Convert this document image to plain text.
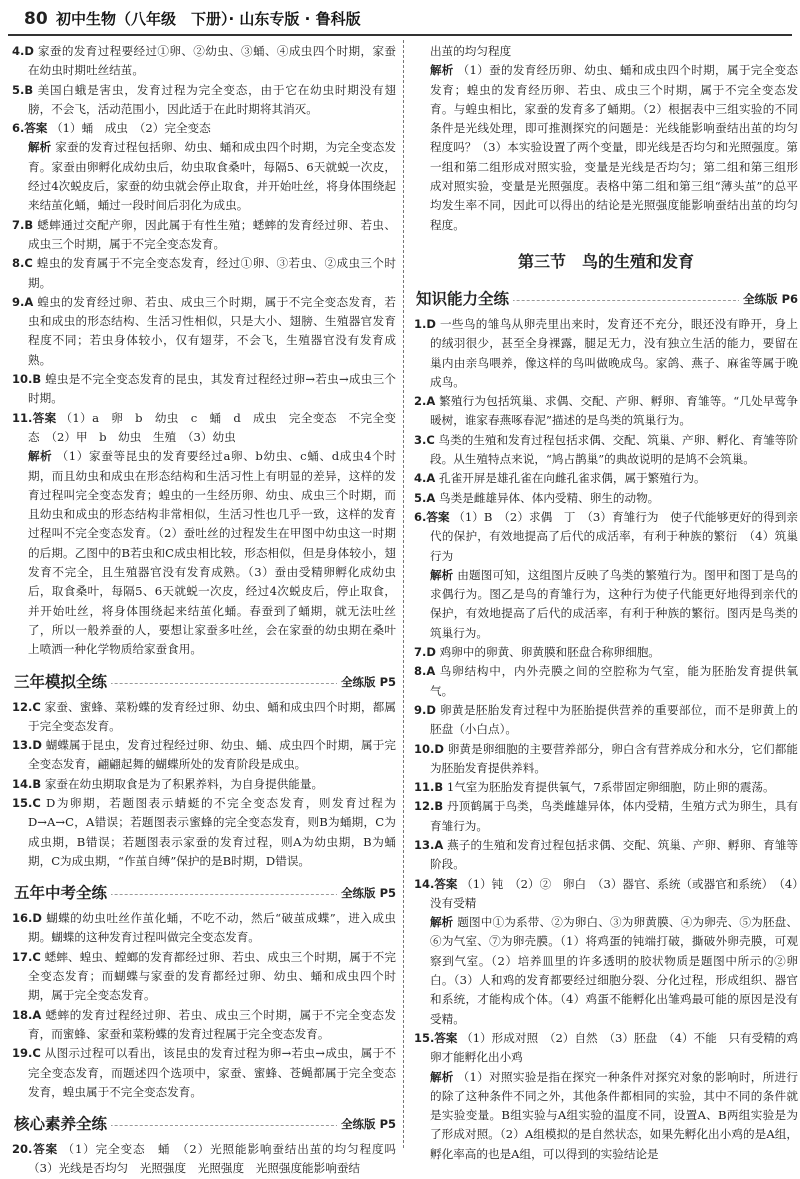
80 初中生物（八年级　下册）· 山东专版 · 鲁科版
4.D 家蚕的发育过程要经过①卵、②幼虫、③蛹、④成虫四个时期，家蚕在幼虫时期吐丝结茧。
5.B 美国白蛾是害虫，发育过程为完全变态，由于它在幼虫时期没有翅膀，不会飞，活动范围小，因此适于在此时期将其消灭。
6.答案 （1）蛹　成虫　（2）完全变态
解析 家蚕的发育过程包括卵、幼虫、蛹和成虫四个时期，为完全变态发育。家蚕由卵孵化成幼虫后，幼虫取食桑叶，每隔5、6天就蜕一次皮，经过4次蜕皮后，家蚕的幼虫就会停止取食，并开始吐丝，将身体围绕起来结茧化蛹，蛹过一段时间后羽化为成虫。
7.B 蟋蟀通过交配产卵，因此属于有性生殖；蟋蟀的发育经过卵、若虫、成虫三个时期，属于不完全变态发育。
8.C 蝗虫的发育属于不完全变态发育，经过①卵、③若虫、②成虫三个时期。
9.A 蝗虫的发育经过卵、若虫、成虫三个时期，属于不完全变态发育，若虫和成虫的形态结构、生活习性相似，只是大小、翅膀、生殖器官发育程度不同；若虫身体较小，仅有翅芽，不会飞，生殖器官没有发育成熟。
10.B 蝗虫是不完全变态发育的昆虫，其发育过程经过卵→若虫→成虫三个时期。
11.答案 （1）a　卵　b　幼虫　c　蛹　d　成虫　完全变态　不完全变态　（2）甲　b　幼虫　生殖　（3）幼虫
解析 （1）家蚕等昆虫的发育要经过a卵、b幼虫、c蛹、d成虫4个时期，而且幼虫和成虫在形态结构和生活习性上有明显的差异，这样的发育过程叫完全变态发育；蝗虫的一生经历卵、幼虫、成虫三个时期，而且幼虫和成虫的形态结构非常相似，生活习性也几乎一致，这样的发育过程叫不完全变态发育。（2）蚕吐丝的过程发生在甲图中幼虫这一时期的后期。乙图中的B若虫和C成虫相比较，形态相似，但是身体较小，翅发育不完全，且生殖器官没有发育成熟。（3）蚕由受精卵孵化成幼虫后，取食桑叶，每隔5、6天就蜕一次皮，经过4次蜕皮后，停止取食，并开始吐丝，将身体围绕起来结茧化蛹。春蚕到了蛹期，就无法吐丝了，所以一般养蚕的人，要想让家蚕多吐丝，会在家蚕的幼虫期在桑叶上喷洒一种化学物质给家蚕食用。
三年模拟全练	全练版 P5
12.C 家蚕、蜜蜂、菜粉蝶的发育经过卵、幼虫、蛹和成虫四个时期，都属于完全变态发育。
13.D 蝴蝶属于昆虫，发育过程经过卵、幼虫、蛹、成虫四个时期，属于完全变态发育，翩翩起舞的蝴蝶所处的发育阶段是成虫。
14.B 家蚕在幼虫期取食是为了积累养料，为自身提供能量。
15.C D为卵期，若题图表示蜻蜓的不完全变态发育，则发育过程为D→A→C，A错误；若题图表示蜜蜂的完全变态发育，则B为蛹期，C为成虫期，B错误；若题图表示家蚕的发育过程，则A为幼虫期，B为蛹期，C为成虫期，“作茧自缚”保护的是B时期，D错误。
五年中考全练	全练版 P5
16.D 蝴蝶的幼虫吐丝作茧化蛹，不吃不动，然后“破茧成蝶”，进入成虫期。蝴蝶的这种发育过程叫做完全变态发育。
17.C 蟋蟀、蝗虫、螳螂的发育都经过卵、若虫、成虫三个时期，属于不完全变态发育；而蝴蝶与家蚕的发育都经过卵、幼虫、蛹和成虫四个时期，属于完全变态发育。
18.A 蟋蟀的发育过程经过卵、若虫、成虫三个时期，属于不完全变态发育，而蜜蜂、家蚕和菜粉蝶的发育过程属于完全变态发育。
19.C 从图示过程可以看出，该昆虫的发育过程为卵→若虫→成虫，属于不完全变态发育，而题述四个选项中，家蚕、蜜蜂、苍蝇都属于完全变态发育，蝗虫属于不完全变态发育。
核心素养全练	全练版 P5
20.答案 （1）完全变态　蛹　（2）光照能影响蚕结出茧的均匀程度吗　（3）光线是否均匀　光照强度　光照强度　光照强度能影响蚕结
出茧的均匀程度
解析 （1）蚕的发育经历卵、幼虫、蛹和成虫四个时期，属于完全变态发育；蝗虫的发育经历卵、若虫、成虫三个时期，属于不完全变态发育。与蝗虫相比，家蚕的发育多了蛹期。（2）根据表中三组实验的不同条件是光线处理，即可推测探究的问题是：光线能影响蚕结出茧的均匀程度吗？（3）本实验设置了两个变量，即光线是否均匀和光照强度。第一组和第二组形成对照实验，变量是光线是否均匀；第二组和第三组形成对照实验，变量是光照强度。表格中第二组和第三组“薄头茧”的总平均发生率不同，因此可以得出的结论是光照强度能影响蚕结出茧的均匀程度。
第三节　鸟的生殖和发育
知识能力全练	全练版 P6
1.D 一些鸟的雏鸟从卵壳里出来时，发育还不充分，眼还没有睁开，身上的绒羽很少，甚至全身裸露，腿足无力，没有独立生活的能力，要留在巢内由亲鸟喂养，像这样的鸟叫做晚成鸟。家鸽、燕子、麻雀等属于晚成鸟。
2.A 繁殖行为包括筑巢、求偶、交配、产卵、孵卵、育雏等。“几处早莺争暖树，谁家春燕啄春泥”描述的是鸟类的筑巢行为。
3.C 鸟类的生殖和发育过程包括求偶、交配、筑巢、产卵、孵化、育雏等阶段。从生殖特点来说，“鸠占鹊巢”的典故说明的是鸠不会筑巢。
4.A 孔雀开屏是雄孔雀在向雌孔雀求偶，属于繁殖行为。
5.A 鸟类是雌雄异体、体内受精、卵生的动物。
6.答案 （1）B　（2）求偶　丁　（3）育雏行为　使子代能够更好的得到亲代的保护，有效地提高了后代的成活率，有利于种族的繁衍　（4）筑巢行为
解析 由题图可知，这组图片反映了鸟类的繁殖行为。图甲和图丁是鸟的求偶行为。图乙是鸟的育雏行为，这种行为使子代能更好地得到亲代的保护，有效地提高了后代的成活率，有利于种族的繁衍。图丙是鸟类的筑巢行为。
7.D 鸡卵中的卵黄、卵黄膜和胚盘合称卵细胞。
8.A 鸟卵结构中，内外壳膜之间的空腔称为气室，能为胚胎发育提供氧气。
9.D 卵黄是胚胎发育过程中为胚胎提供营养的重要部位，而不是卵黄上的胚盘（小白点）。
10.D 卵黄是卵细胞的主要营养部分，卵白含有营养成分和水分，它们都能为胚胎发育提供养料。
11.B 1气室为胚胎发育提供氧气，7系带固定卵细胞，防止卵的震荡。
12.B 丹顶鹤属于鸟类，鸟类雌雄异体，体内受精，生殖方式为卵生，具有育雏行为。
13.A 燕子的生殖和发育过程包括求偶、交配、筑巢、产卵、孵卵、育雏等阶段。
14.答案 （1）钝　（2）②　卵白　（3）器官、系统（或器官和系统）　（4）没有受精
解析 题图中①为系带、②为卵白、③为卵黄膜、④为卵壳、⑤为胚盘、⑥为气室、⑦为卵壳膜。（1）将鸡蛋的钝端打破，撕破外卵壳膜，可观察到气室。（2）培养皿里的许多透明的胶状物质是题图中所示的②卵白。（3）人和鸡的发育都要经过细胞分裂、分化过程，形成组织、器官和系统，才能构成个体。（4）鸡蛋不能孵化出雏鸡最可能的原因是没有受精。
15.答案 （1）形成对照　（2）自然　（3）胚盘　（4）不能　只有受精的鸡卵才能孵化出小鸡
解析 （1）对照实验是指在探究一种条件对探究对象的影响时，所进行的除了这种条件不同之外，其他条件都相同的实验，其中不同的条件就是实验变量。B组实验与A组实验的温度不同，设置A、B两组实验是为了形成对照。（2）A组模拟的是自然状态，如果先孵化出小鸡的是A组，孵化率高的也是A组，可以得到的实验结论是
